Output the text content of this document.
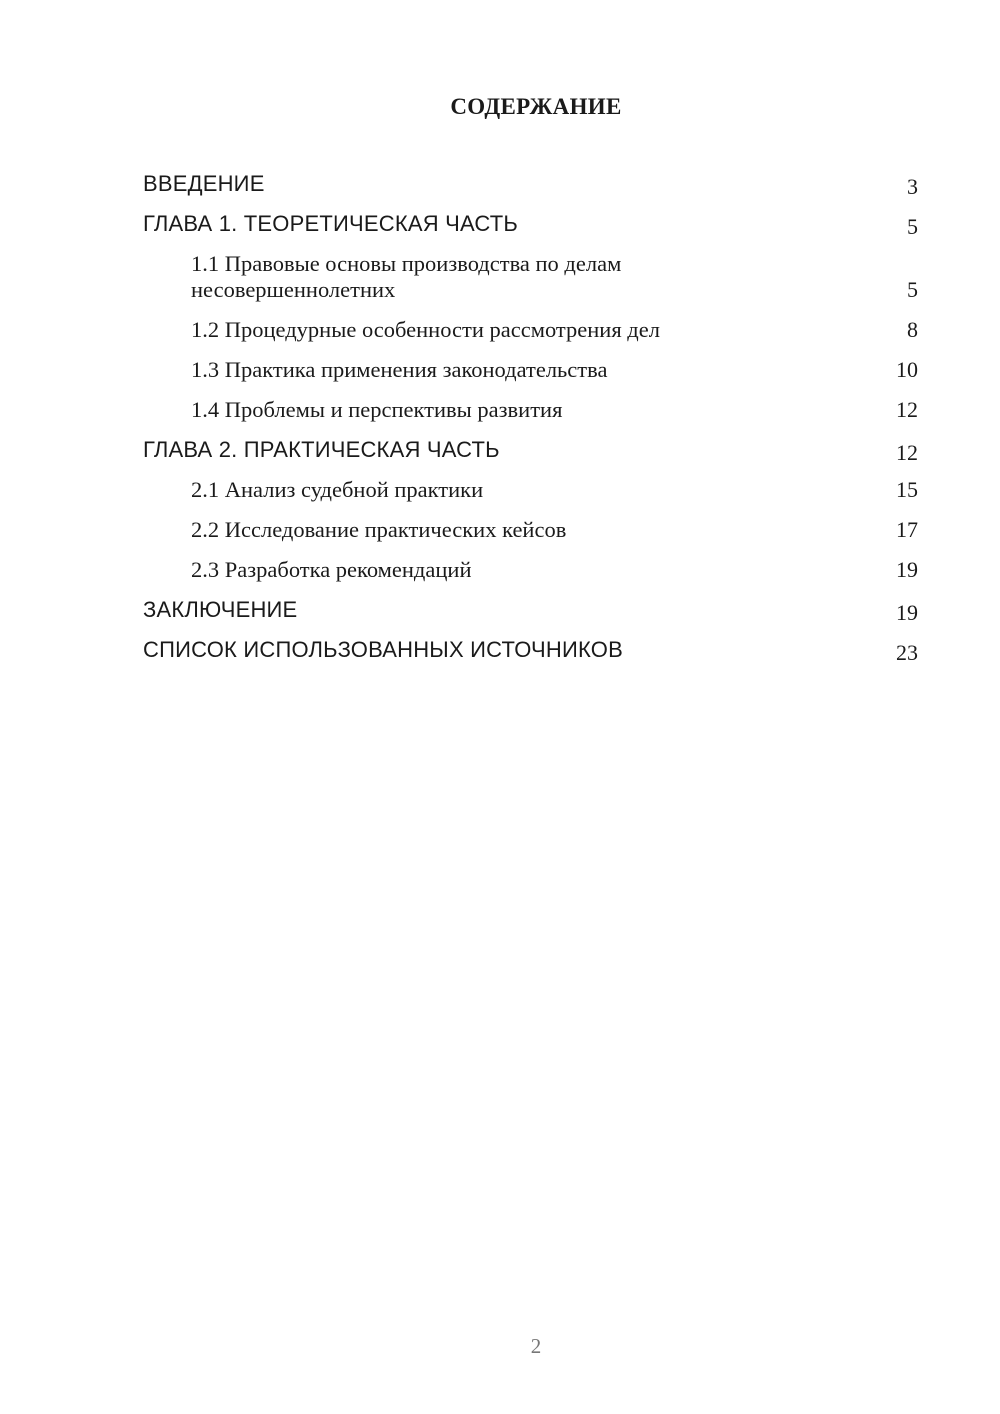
СОДЕРЖАНИЕ
ВВЕДЕНИЕ	3
ГЛАВА 1. ТЕОРЕТИЧЕСКАЯ ЧАСТЬ	5
1.1 Правовые основы производства по делам несовершеннолетних	5
1.2 Процедурные особенности рассмотрения дел	8
1.3 Практика применения законодательства	10
1.4 Проблемы и перспективы развития	12
ГЛАВА 2. ПРАКТИЧЕСКАЯ ЧАСТЬ	12
2.1 Анализ судебной практики	15
2.2 Исследование практических кейсов	17
2.3 Разработка рекомендаций	19
ЗАКЛЮЧЕНИЕ	19
СПИСОК ИСПОЛЬЗОВАННЫХ ИСТОЧНИКОВ	23
2
